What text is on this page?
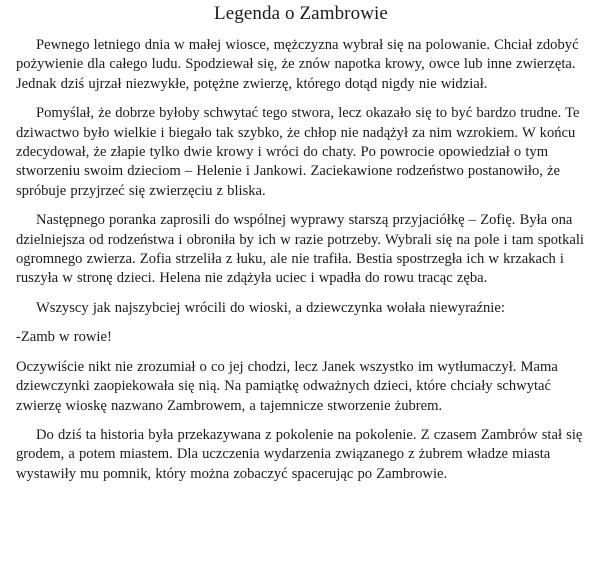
Legenda o Zambrowie

Pewnego letniego dnia w małej wiosce, mężczyzna wybrał się na polowanie. Chciał zdobyć pożywienie dla całego ludu. Spodziewał się, że znów napotka krowy, owce lub inne zwierzęta. Jednak dziś ujrzał niezwykłe, potężne zwierzę, którego dotąd nigdy nie widział.

Pomyślał, że dobrze byłoby schwytać tego stwora, lecz okazało się to być bardzo trudne. Te dziwactwo było wielkie i biegało tak szybko, że chłop nie nadążył za nim wzrokiem. W końcu zdecydował, że złapie tylko dwie krowy i wróci do chaty. Po powrocie opowiedział o tym stworzeniu swoim dzieciom – Helenie i Jankowi. Zaciekawione rodzeństwo postanowiło, że spróbuje przyjrzeć się zwierzęciu z bliska.

Następnego poranka zaprosili do wspólnej wyprawy starszą przyjaciółkę – Zofię. Była ona dzielniejsza od rodzeństwa i obroniła by ich w razie potrzeby. Wybrali się na pole i tam spotkali ogromnego zwierza. Zofia strzeliła z łuku, ale nie trafiła. Bestia spostrzegła ich w krzakach i ruszyła w stronę dzieci. Helena nie zdążyła uciec i wpadła do rowu tracąc zęba.

Wszyscy jak najszybciej wrócili do wioski, a dziewczynka wołała niewyraźnie:

-Zamb w rowie!

Oczywiście nikt nie zrozumiał o co jej chodzi, lecz Janek wszystko im wytłumaczył. Mama dziewczynki zaopiekowała się nią. Na pamiątkę odważnych dzieci, które chciały schwytać zwierzę wioskę nazwano Zambrowem, a tajemnicze stworzenie żubrem.

Do dziś ta historia była przekazywana z pokolenie na pokolenie. Z czasem Zambrów stał się grodem, a potem miastem. Dla uczczenia wydarzenia związanego z żubrem władze miasta wystawiły mu pomnik, który można zobaczyć spacerując po Zambrowie.
